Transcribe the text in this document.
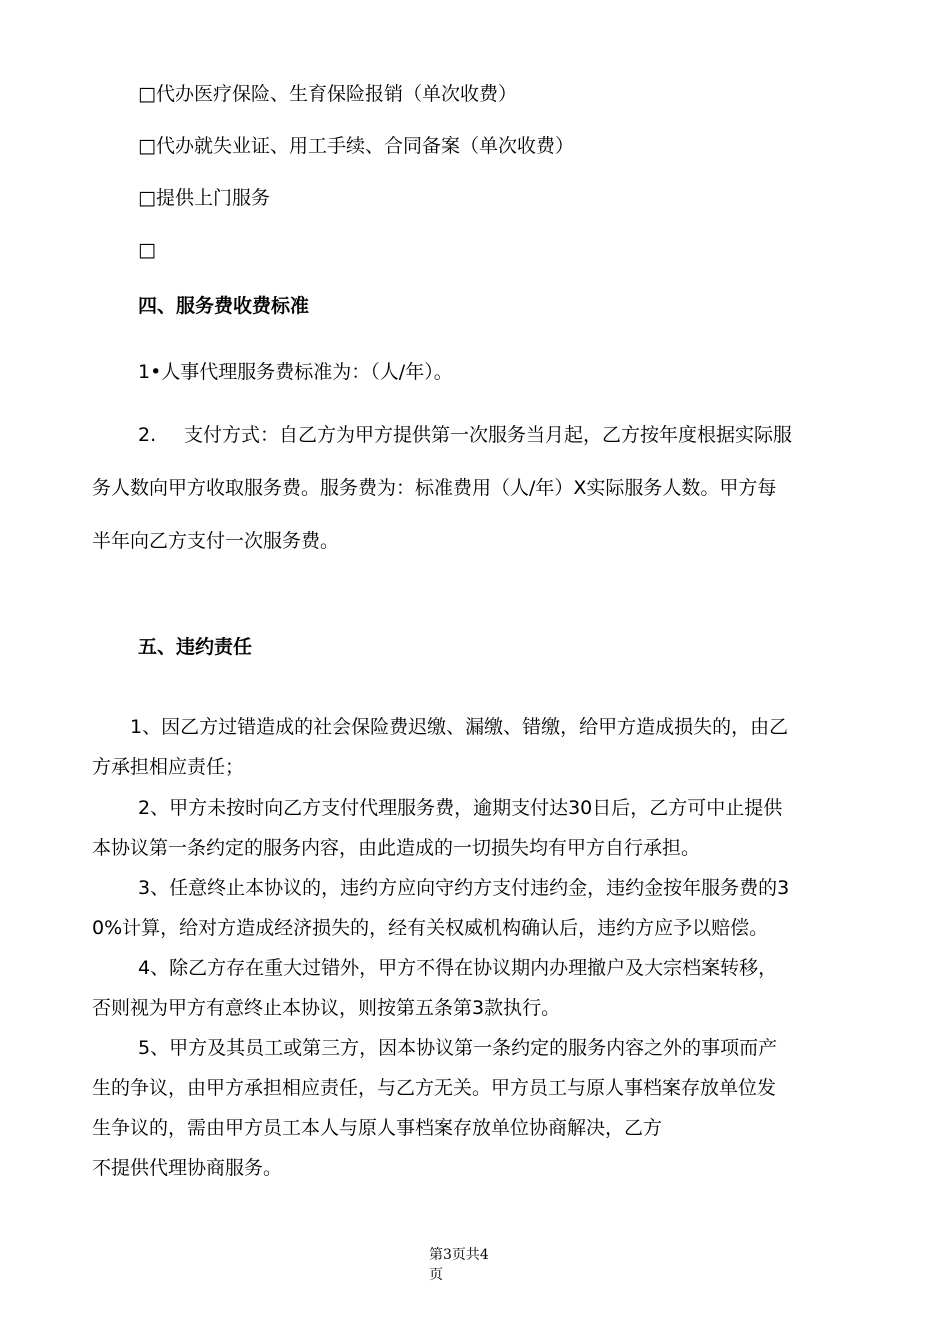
□代办医疗保险、生育保险报销（单次收费）
□代办就失业证、用工手续、合同备案（单次收费）
□提供上门服务
□
四、服务费收费标准
1•人事代理服务费标准为：（人/年）。
2. 支付方式：自乙方为甲方提供第一次服务当月起，乙方按年度根据实际服
务人数向甲方收取服务费。服务费为：标准费用（人/年）X实际服务人数。甲方每
半年向乙方支付一次服务费。
五、违约责任
1、因乙方过错造成的社会保险费迟缴、漏缴、错缴，给甲方造成损失的，由乙
方承担相应责任；
2、甲方未按时向乙方支付代理服务费，逾期支付达30日后，乙方可中止提供
本协议第一条约定的服务内容，由此造成的一切损失均有甲方自行承担。
3、任意终止本协议的，违约方应向守约方支付违约金，违约金按年服务费的3
0%计算，给对方造成经济损失的，经有关权威机构确认后，违约方应予以赔偿。
4、除乙方存在重大过错外，甲方不得在协议期内办理撤户及大宗档案转移，
否则视为甲方有意终止本协议，则按第五条第3款执行。
5、甲方及其员工或第三方，因本协议第一条约定的服务内容之外的事项而产
生的争议，由甲方承担相应责任，与乙方无关。甲方员工与原人事档案存放单位发
生争议的，需由甲方员工本人与原人事档案存放单位协商解决，乙方
不提供代理协商服务。
第3页共4
页
